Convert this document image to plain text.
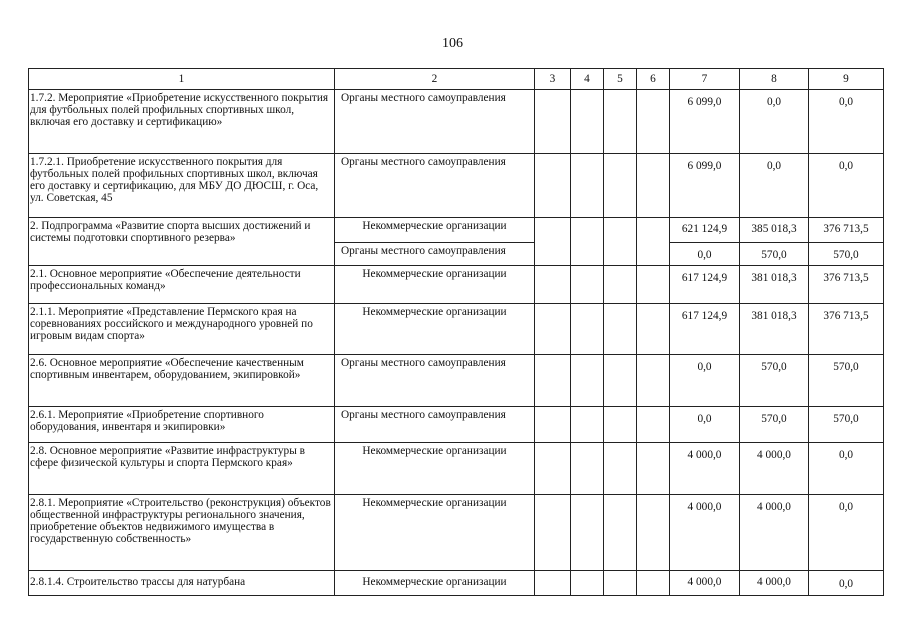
106
1	2	3	4	5	6	7	8	9
1.7.2. Мероприятие «Приобретение искусственного покрытия для футбольных полей профильных спортивных школ, включая его доставку и сертификацию»	Органы местного самоуправления					6 099,0	0,0	0,0
1.7.2.1. Приобретение искусственного покрытия для футбольных полей профильных спортивных школ, включая его доставку и сертификацию, для МБУ ДО ДЮСШ, г. Оса, ул. Советская, 45	Органы местного самоуправления					6 099,0	0,0	0,0
2. Подпрограмма «Развитие спорта высших достижений и системы подготовки спортивного резерва»	Некоммерческие организации					621 124,9	385 018,3	376 713,5
	Органы местного самоуправления					0,0	570,0	570,0
2.1. Основное мероприятие «Обеспечение деятельности профессиональных команд»	Некоммерческие организации					617 124,9	381 018,3	376 713,5
2.1.1. Мероприятие «Представление Пермского края на соревнованиях российского и международного уровней по игровым видам спорта»	Некоммерческие организации					617 124,9	381 018,3	376 713,5
2.6. Основное мероприятие «Обеспечение качественным спортивным инвентарем, оборудованием, экипировкой»	Органы местного самоуправления					0,0	570,0	570,0
2.6.1. Мероприятие «Приобретение спортивного оборудования, инвентаря и экипировки»	Органы местного самоуправления					0,0	570,0	570,0
2.8. Основное мероприятие «Развитие инфраструктуры в сфере физической культуры и спорта Пермского края»	Некоммерческие организации					4 000,0	4 000,0	0,0
2.8.1. Мероприятие «Строительство (реконструкция) объектов общественной инфраструктуры регионального значения, приобретение объектов недвижимого имущества в государственную собственность»	Некоммерческие организации					4 000,0	4 000,0	0,0
2.8.1.4. Строительство трассы для натурбана	Некоммерческие организации					4 000,0	4 000,0	0,0
